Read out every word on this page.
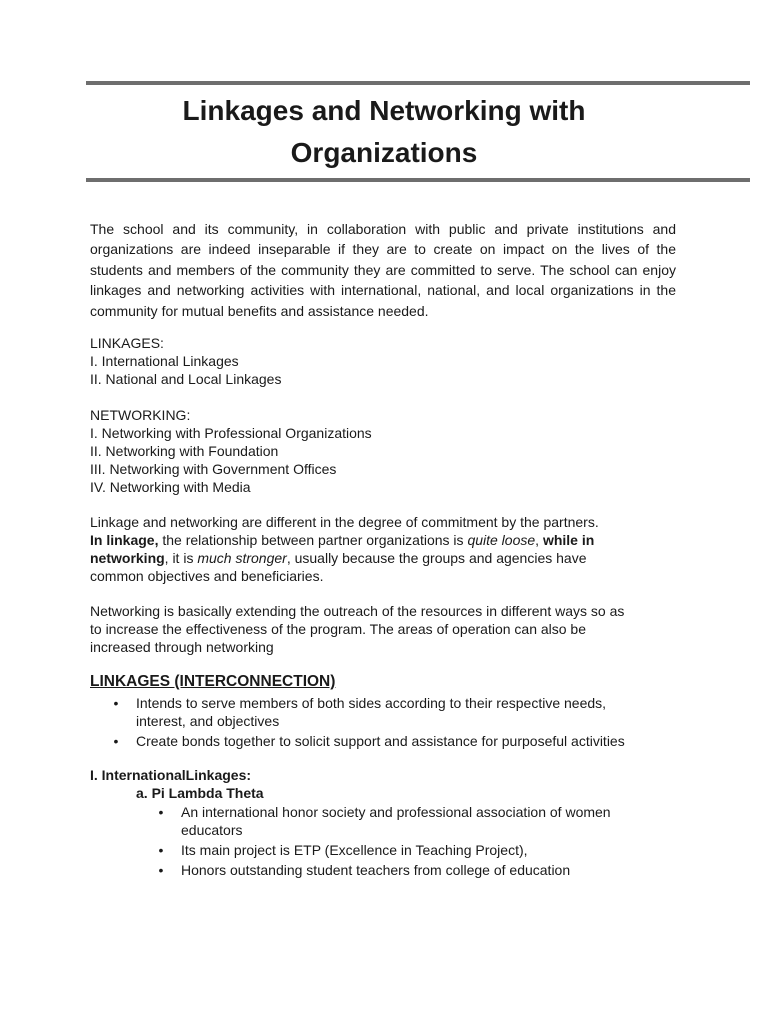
Linkages and Networking with
Organizations

The school and its community, in collaboration with public and private institutions and organizations are indeed inseparable if they are to create on impact on the lives of the students and members of the community they are committed to serve. The school can enjoy linkages and networking activities with international, national, and local organizations in the community for mutual benefits and assistance needed.

LINKAGES:
I. International Linkages
II. National and Local Linkages
NETWORKING:
I. Networking with Professional Organizations
II. Networking with Foundation
III. Networking with Government Offices
IV. Networking with Media
Linkage and networking are different in the degree of commitment by the partners.
In linkage, the relationship between partner organizations is quite loose, while in
networking, it is much stronger, usually because the groups and agencies have
common objectives and beneficiaries.
Networking is basically extending the outreach of the resources in different ways so as
to increase the effectiveness of the program. The areas of operation can also be
increased through networking
LINKAGES (INTERCONNECTION)
• Intends to serve members of both sides according to their respective needs, interest, and objectives
• Create bonds together to solicit support and assistance for purposeful activities

I. InternationalLinkages:

a. Pi Lambda Theta

• An international honor society and professional association of women educators
• Its main project is ETP (Excellence in Teaching Project),
• Honors outstanding student teachers from college of education
